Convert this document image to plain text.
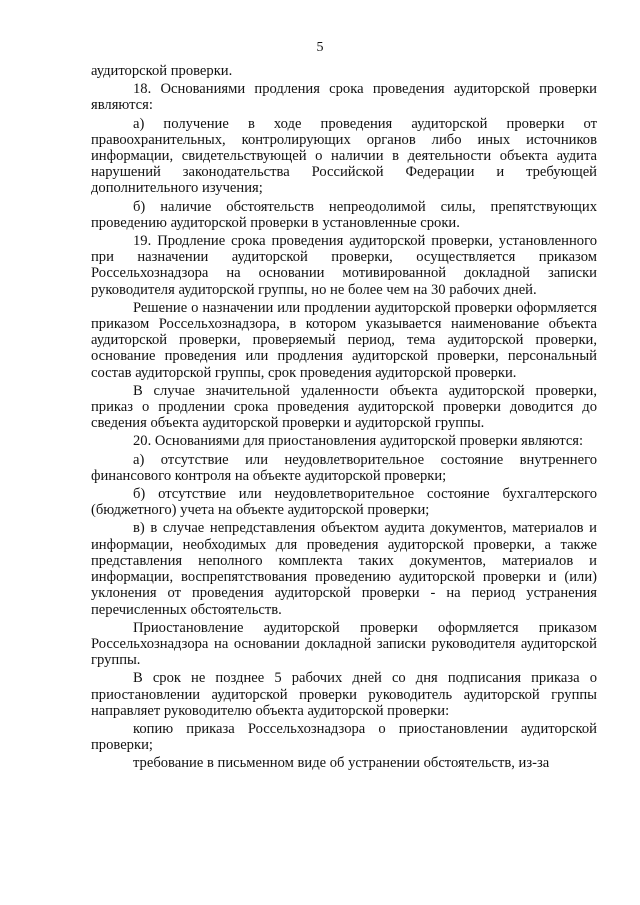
5

аудиторской проверки.

18. Основаниями продления срока проведения аудиторской проверки являются:

а) получение в ходе проведения аудиторской проверки от правоохранительных, контролирующих органов либо иных источников информации, свидетельствующей о наличии в деятельности объекта аудита нарушений законодательства Российской Федерации и требующей дополнительного изучения;

б) наличие обстоятельств непреодолимой силы, препятствующих проведению аудиторской проверки в установленные сроки.

19. Продление срока проведения аудиторской проверки, установленного при назначении аудиторской проверки, осуществляется приказом Россельхознадзора на основании мотивированной докладной записки руководителя аудиторской группы, но не более чем на 30 рабочих дней.

Решение о назначении или продлении аудиторской проверки оформляется приказом Россельхознадзора, в котором указывается наименование объекта аудиторской проверки, проверяемый период, тема аудиторской проверки, основание проведения или продления аудиторской проверки, персональный состав аудиторской группы, срок проведения аудиторской проверки.

В случае значительной удаленности объекта аудиторской проверки, приказ о продлении срока проведения аудиторской проверки доводится до сведения объекта аудиторской проверки и аудиторской группы.

20. Основаниями для приостановления аудиторской проверки являются:

а) отсутствие или неудовлетворительное состояние внутреннего финансового контроля на объекте аудиторской проверки;

б) отсутствие или неудовлетворительное состояние бухгалтерского (бюджетного) учета на объекте аудиторской проверки;

в) в случае непредставления объектом аудита документов, материалов и информации, необходимых для проведения аудиторской проверки, а также представления неполного комплекта таких документов, материалов и информации, воспрепятствования проведению аудиторской проверки и (или) уклонения от проведения аудиторской проверки - на период устранения перечисленных обстоятельств.

Приостановление аудиторской проверки оформляется приказом Россельхознадзора на основании докладной записки руководителя аудиторской группы.

В срок не позднее 5 рабочих дней со дня подписания приказа о приостановлении аудиторской проверки руководитель аудиторской группы направляет руководителю объекта аудиторской проверки:

копию приказа Россельхознадзора о приостановлении аудиторской проверки;

требование в письменном виде об устранении обстоятельств, из-за
